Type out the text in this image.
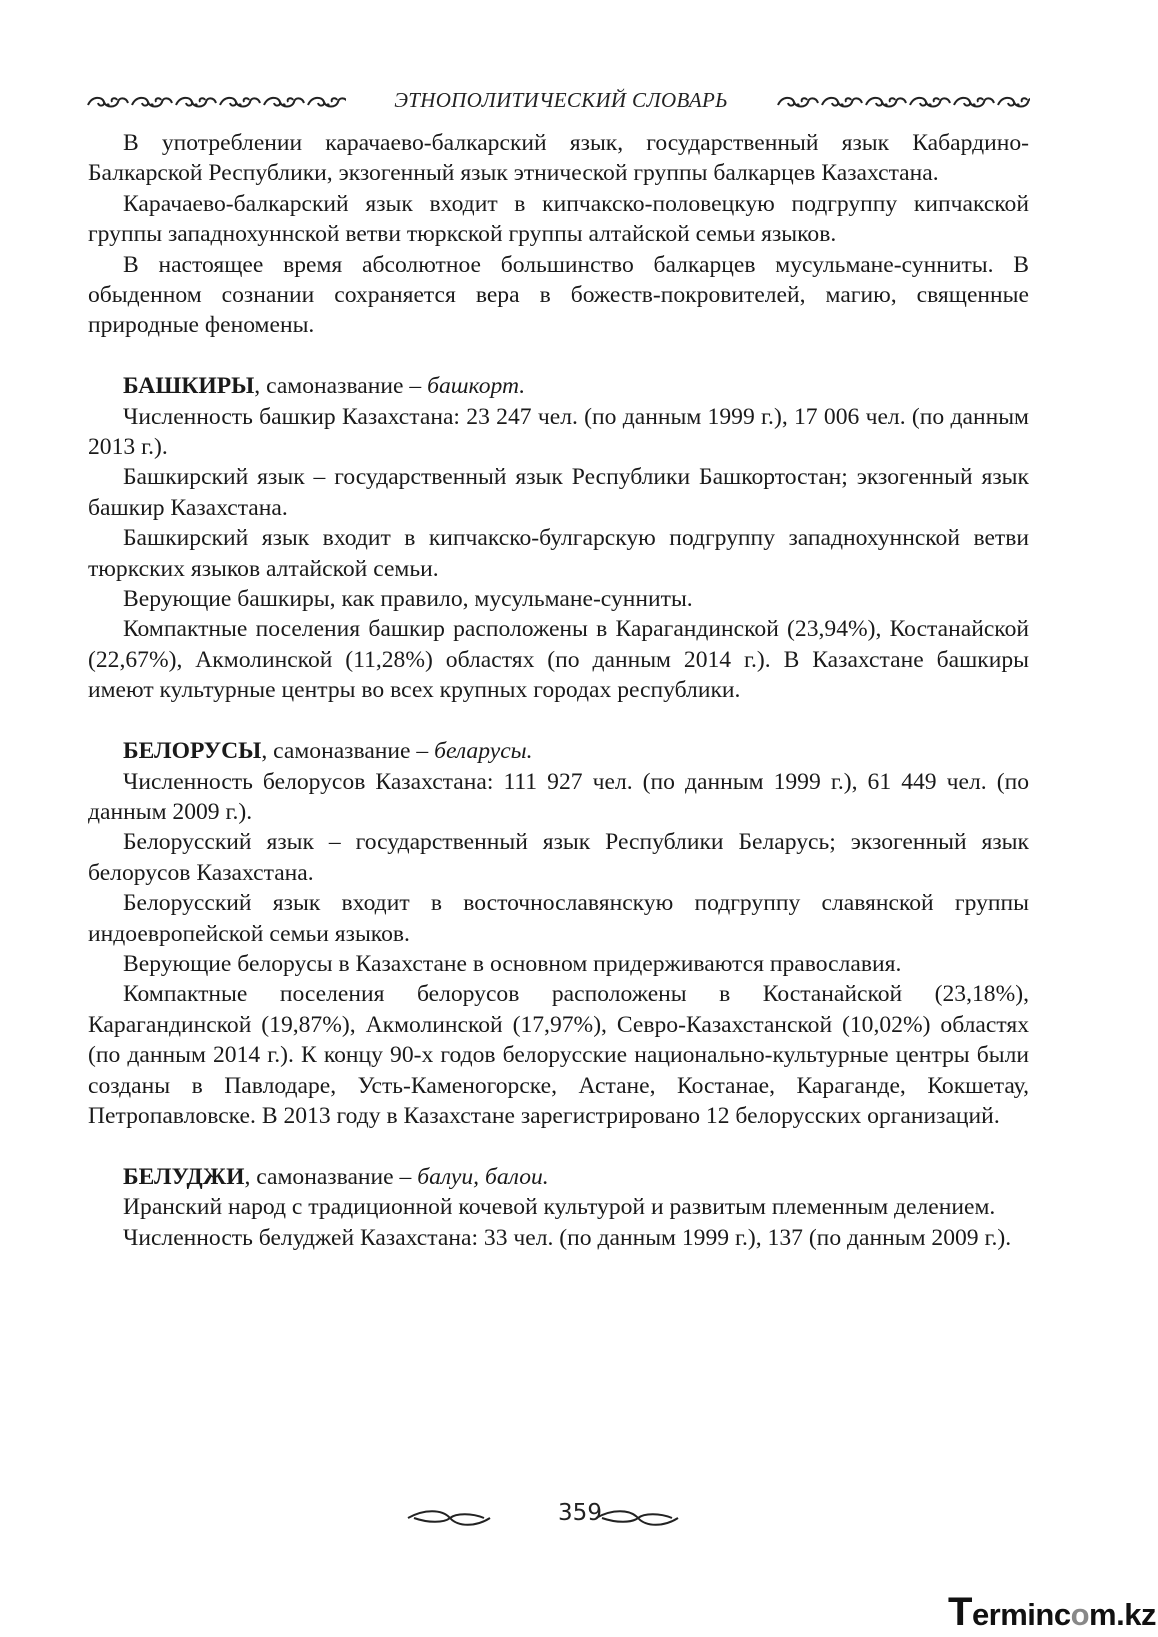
ЭТНОПОЛИТИЧЕСКИЙ СЛОВАРЬ

В употреблении карачаево-балкарский язык, государственный язык Кабардино-Балкарской Республики, экзогенный язык этнической группы балкарцев Казахстана.

Карачаево-балкарский язык входит в кипчакско-половецкую подгруппу кипчакской группы западнохуннской ветви тюркской группы алтайской семьи языков.

В настоящее время абсолютное большинство балкарцев мусульмане-сунниты. В обыденном сознании сохраняется вера в божеств-покровителей, магию, священные природные феномены.

БАШКИРЫ, самоназвание – башкорт.

Численность башкир Казахстана: 23 247 чел. (по данным 1999 г.), 17 006 чел. (по данным 2013 г.).

Башкирский язык – государственный язык Республики Башкортостан; экзогенный язык башкир Казахстана.

Башкирский язык входит в кипчакско-булгарскую подгруппу западнохуннской ветви тюркских языков алтайской семьи.

Верующие башкиры, как правило, мусульмане-сунниты.

Компактные поселения башкир расположены в Карагандинской (23,94%), Костанайской (22,67%), Акмолинской (11,28%) областях (по данным 2014 г.). В Казахстане башкиры имеют культурные центры во всех крупных городах республики.

БЕЛОРУСЫ, самоназвание – беларусы.

Численность белорусов Казахстана: 111 927 чел. (по данным 1999 г.), 61 449 чел. (по данным 2009 г.).

Белорусский язык – государственный язык Республики Беларусь; экзогенный язык белорусов Казахстана.

Белорусский язык входит в восточнославянскую подгруппу славянской группы индоевропейской семьи языков.

Верующие белорусы в Казахстане в основном придерживаются православия.

Компактные поселения белорусов расположены в Костанайской (23,18%), Карагандинской (19,87%), Акмолинской (17,97%), Севро-Казахстанской (10,02%) областях (по данным 2014 г.). К концу 90-х годов белорусские национально-культурные центры были созданы в Павлодаре, Усть-Каменогорске, Астане, Костанае, Караганде, Кокшетау, Петропавловске. В 2013 году в Казахстане зарегистрировано 12 белорусских организаций.

БЕЛУДЖИ, самоназвание – балуи, балои.

Иранский народ с традиционной кочевой культурой и развитым племенным делением.

Численность белуджей Казахстана: 33 чел. (по данным 1999 г.), 137 (по данным 2009 г.).

359
Termincom.kz
